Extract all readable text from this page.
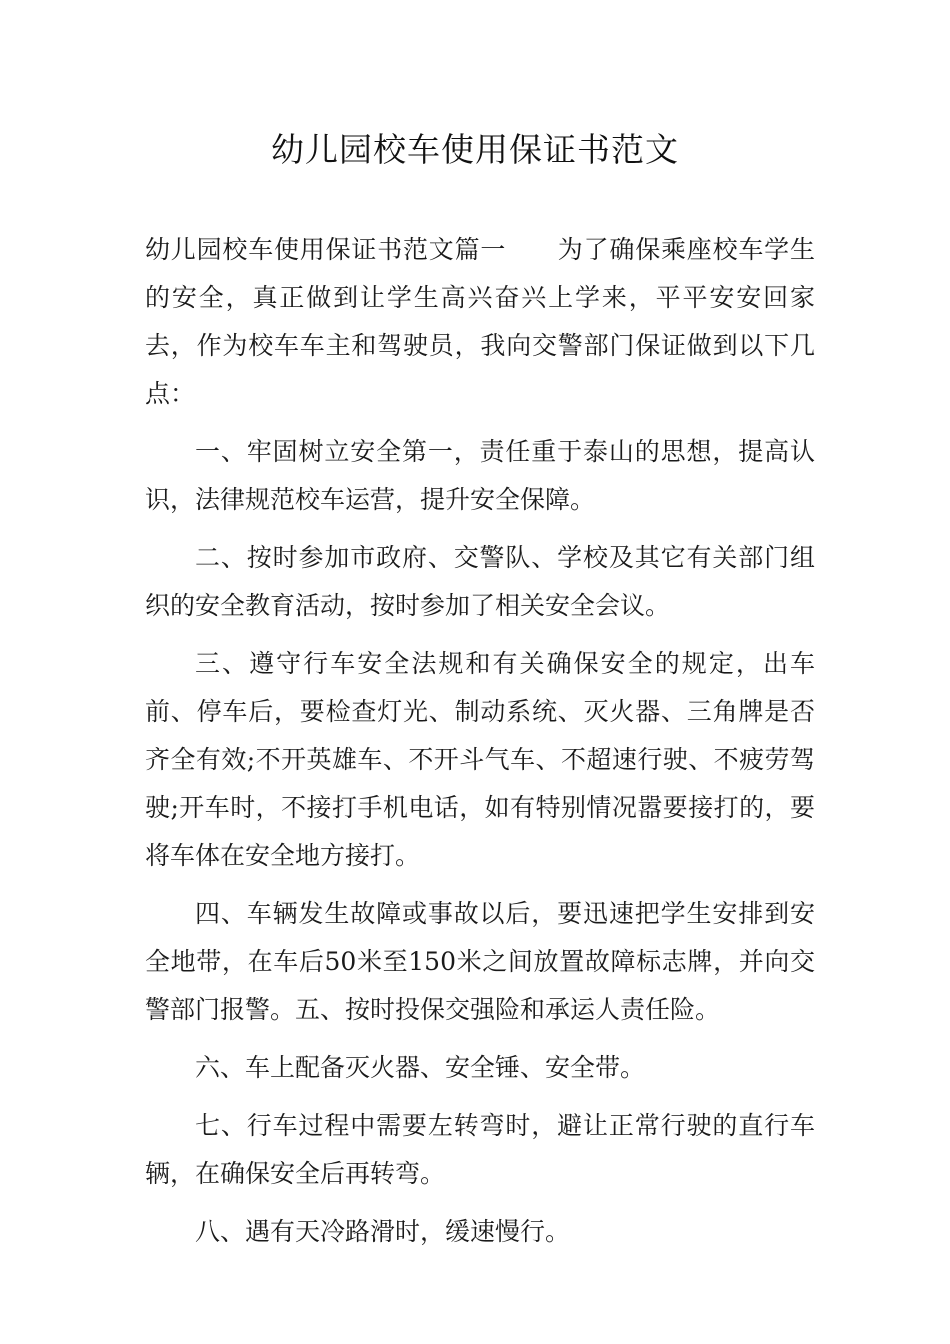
幼儿园校车使用保证书范文

幼儿园校车使用保证书范文篇一　　为了确保乘座校车学生的安全，真正做到让学生高兴奋兴上学来，平平安安回家去，作为校车车主和驾驶员，我向交警部门保证做到以下几点：

一、牢固树立安全第一，责任重于泰山的思想，提高认识，法律规范校车运营，提升安全保障。

二、按时参加市政府、交警队、学校及其它有关部门组织的安全教育活动，按时参加了相关安全会议。

三、遵守行车安全法规和有关确保安全的规定，出车前、停车后，要检查灯光、制动系统、灭火器、三角牌是否齐全有效;不开英雄车、不开斗气车、不超速行驶、不疲劳驾驶;开车时，不接打手机电话，如有特别情况嚣要接打的，要将车体在安全地方接打。

四、车辆发生故障或事故以后，要迅速把学生安排到安全地带，在车后50米至150米之间放置故障标志牌，并向交警部门报警。五、按时投保交强险和承运人责任险。

六、车上配备灭火器、安全锤、安全带。

七、行车过程中需要左转弯时，避让正常行驶的直行车辆，在确保安全后再转弯。

八、遇有天冷路滑时，缓速慢行。
